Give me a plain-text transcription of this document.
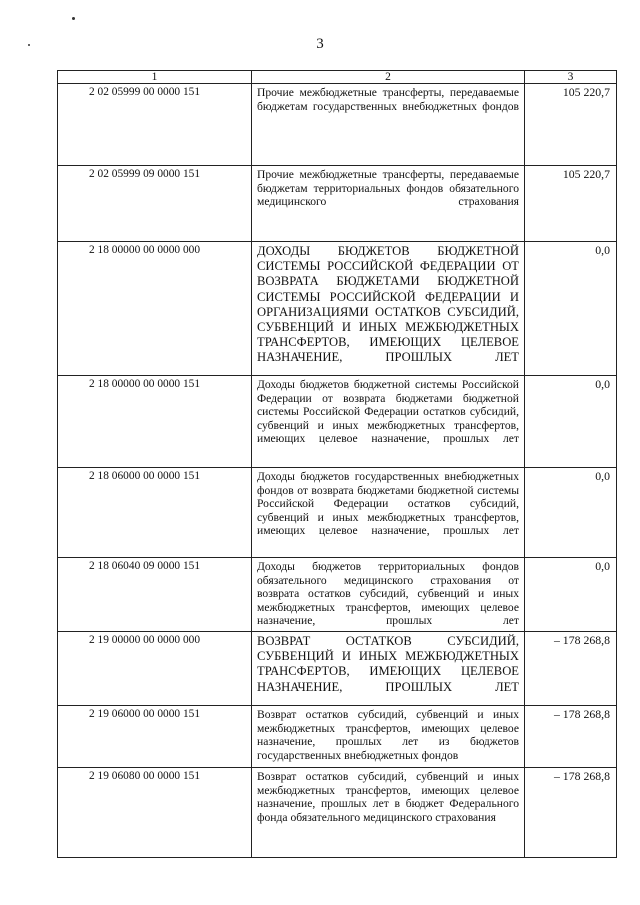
3
1	2	3
2 02 05999 00 0000 151	Прочие межбюджетные трансферты, передаваемые бюджетам государственных внебюджетных фондов	105 220,7
2 02 05999 09 0000 151	Прочие межбюджетные трансферты, передаваемые бюджетам территориальных фондов обязательного медицинского страхования	105 220,7
2 18 00000 00 0000 000	ДОХОДЫ БЮДЖЕТОВ БЮДЖЕТНОЙ СИСТЕМЫ РОССИЙСКОЙ ФЕДЕРАЦИИ ОТ ВОЗВРАТА БЮДЖЕТАМИ БЮДЖЕТНОЙ СИСТЕМЫ РОССИЙСКОЙ ФЕДЕРАЦИИ И ОРГАНИЗАЦИЯМИ ОСТАТКОВ СУБСИДИЙ, СУБВЕНЦИЙ И ИНЫХ МЕЖБЮДЖЕТНЫХ ТРАНСФЕРТОВ, ИМЕЮЩИХ ЦЕЛЕВОЕ НАЗНАЧЕНИЕ, ПРОШЛЫХ ЛЕТ	0,0
2 18 00000 00 0000 151	Доходы бюджетов бюджетной системы Российской Федерации от возврата бюджетами бюджетной системы Российской Федерации остатков субсидий, субвенций и иных межбюджетных трансфертов, имеющих целевое назначение, прошлых лет	0,0
2 18 06000 00 0000 151	Доходы бюджетов государственных внебюджетных фондов от возврата бюджетами бюджетной системы Российской Федерации остатков субсидий, субвенций и иных межбюджетных трансфертов, имеющих целевое назначение, прошлых лет	0,0
2 18 06040 09 0000 151	Доходы бюджетов территориальных фондов обязательного медицинского страхования от возврата остатков субсидий, субвенций и иных межбюджетных трансфертов, имеющих целевое назначение, прошлых лет	0,0
2 19 00000 00 0000 000	ВОЗВРАТ ОСТАТКОВ СУБСИДИЙ, СУБВЕНЦИЙ И ИНЫХ МЕЖБЮДЖЕТНЫХ ТРАНСФЕРТОВ, ИМЕЮЩИХ ЦЕЛЕВОЕ НАЗНАЧЕНИЕ, ПРОШЛЫХ ЛЕТ	– 178 268,8
2 19 06000 00 0000 151	Возврат остатков субсидий, субвенций и иных межбюджетных трансфертов, имеющих целевое назначение, прошлых лет из бюджетов государственных внебюджетных фондов	– 178 268,8
2 19 06080 00 0000 151	Возврат остатков субсидий, субвенций и иных межбюджетных трансфертов, имеющих целевое назначение, прошлых лет в бюджет Федерального фонда обязательного медицинского страхования	– 178 268,8
